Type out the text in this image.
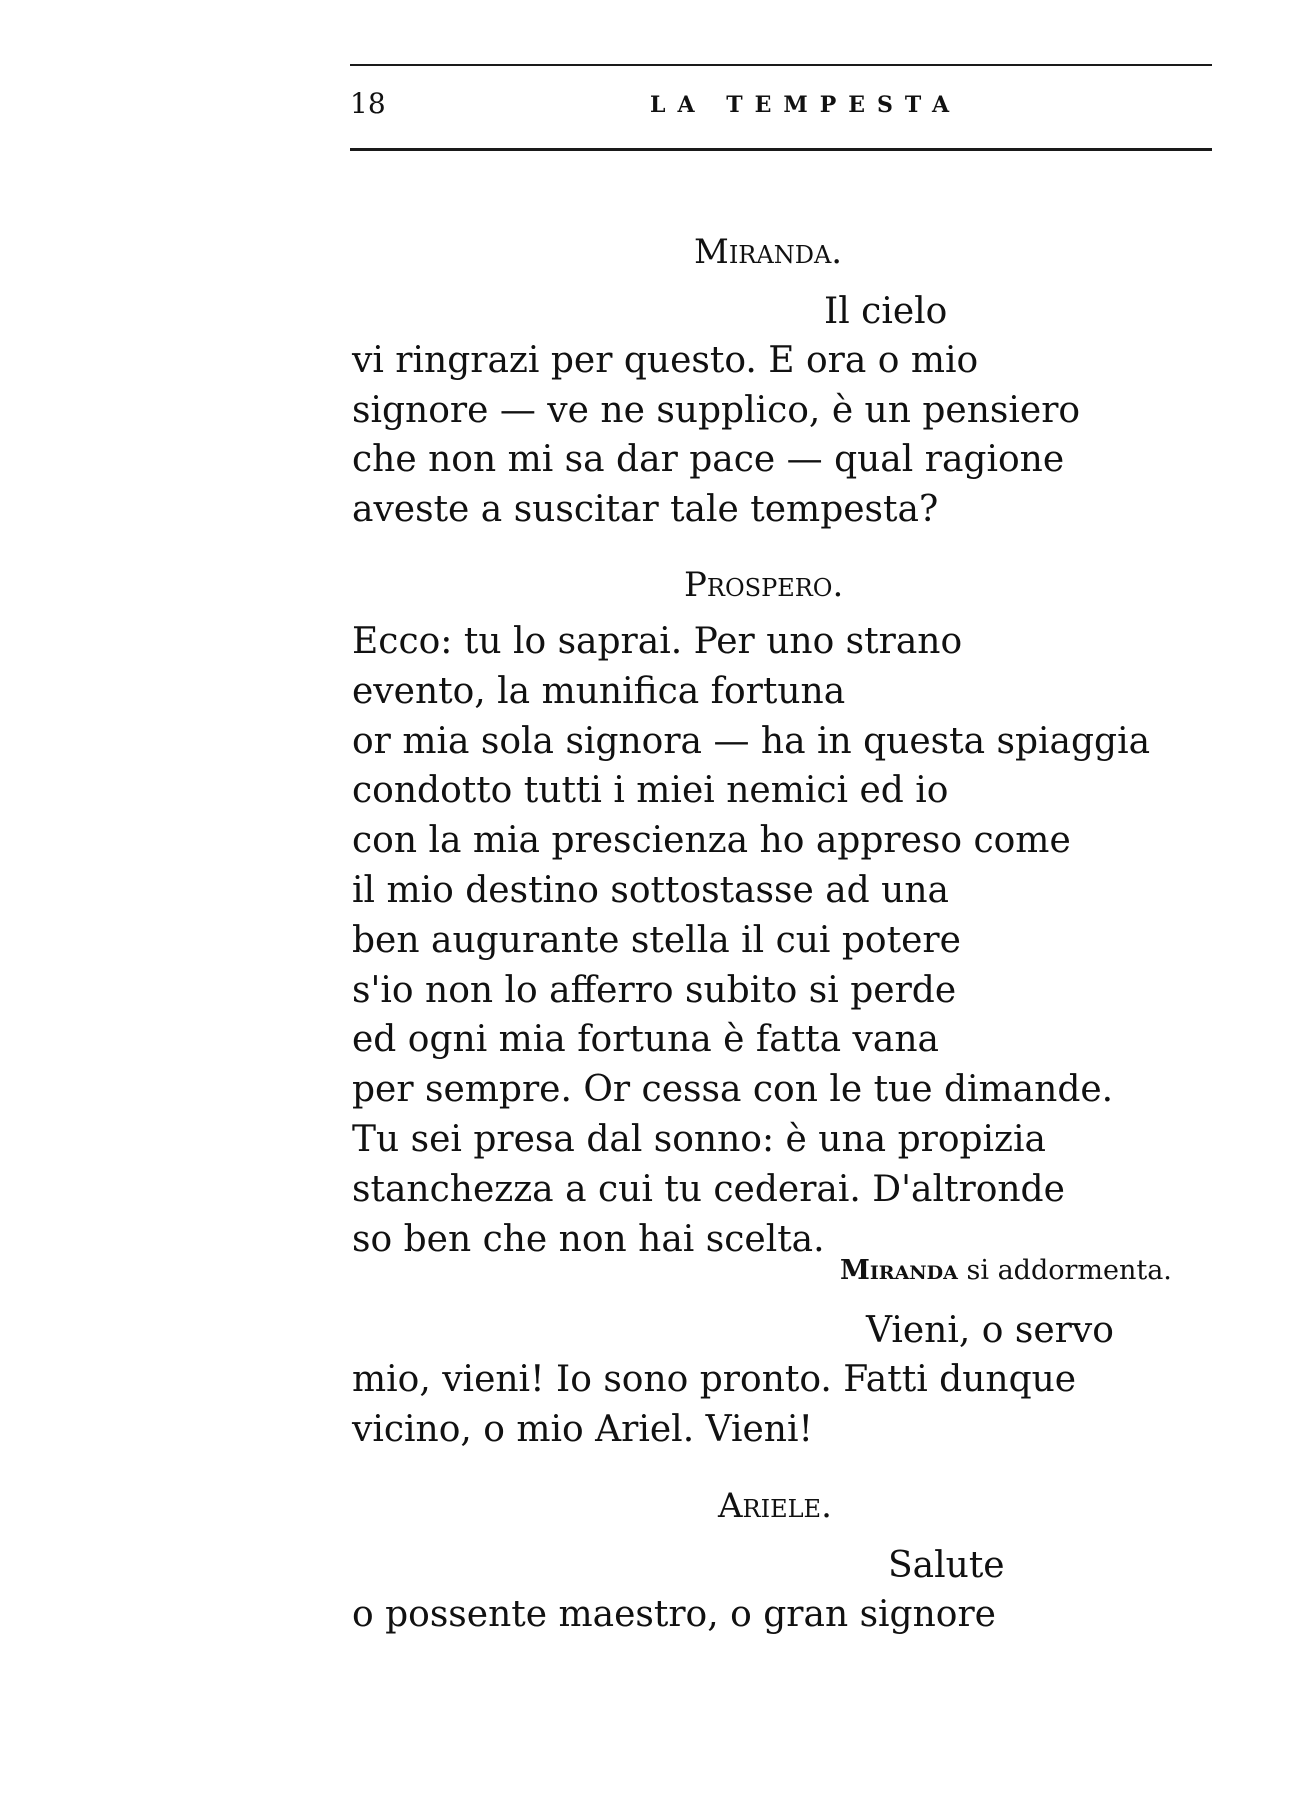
18	LA TEMPESTA
Miranda.
Il cielo
vi ringrazi per questo. E ora o mio
signore — ve ne supplico, è un pensiero
che non mi sa dar pace — qual ragione
aveste a suscitar tale tempesta?
Prospero.
Ecco: tu lo saprai. Per uno strano
evento, la munifica fortuna
or mia sola signora — ha in questa spiaggia
condotto tutti i miei nemici ed io
con la mia prescienza ho appreso come
il mio destino sottostasse ad una
ben augurante stella il cui potere
s'io non lo afferro subito si perde
ed ogni mia fortuna è fatta vana
per sempre. Or cessa con le tue dimande.
Tu sei presa dal sonno: è una propizia
stanchezza a cui tu cederai. D'altronde
so ben che non hai scelta.
Miranda si addormenta.
Vieni, o servo
mio, vieni! Io sono pronto. Fatti dunque
vicino, o mio Ariel. Vieni!
Ariele.
Salute
o possente maestro, o gran signore
